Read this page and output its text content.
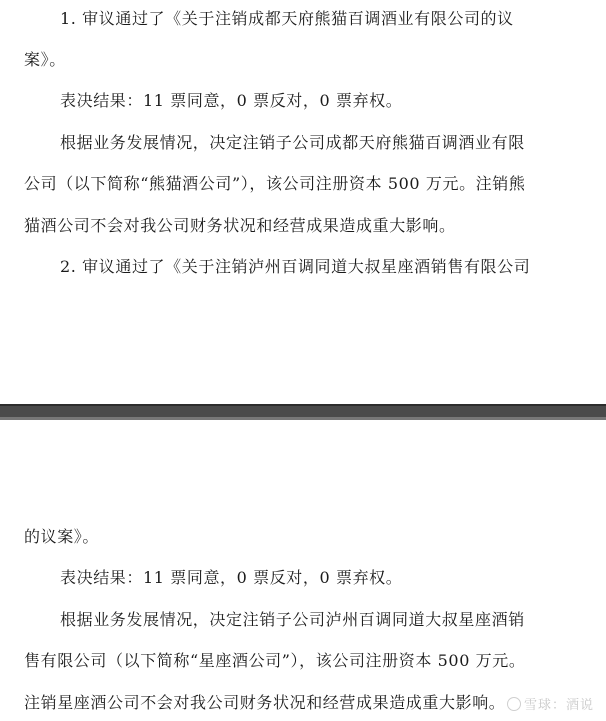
1. 审议通过了《关于注销成都天府熊猫百调酒业有限公司的议
案》。
表决结果：11 票同意，0 票反对，0 票弃权。
根据业务发展情况，决定注销子公司成都天府熊猫百调酒业有限
公司（以下简称“熊猫酒公司”），该公司注册资本 500 万元。注销熊
猫酒公司不会对我公司财务状况和经营成果造成重大影响。
2. 审议通过了《关于注销泸州百调同道大叔星座酒销售有限公司
的议案》。
表决结果：11 票同意，0 票反对，0 票弃权。
根据业务发展情况，决定注销子公司泸州百调同道大叔星座酒销
售有限公司（以下简称“星座酒公司”），该公司注册资本 500 万元。
注销星座酒公司不会对我公司财务状况和经营成果造成重大影响。	雪球：酒说
